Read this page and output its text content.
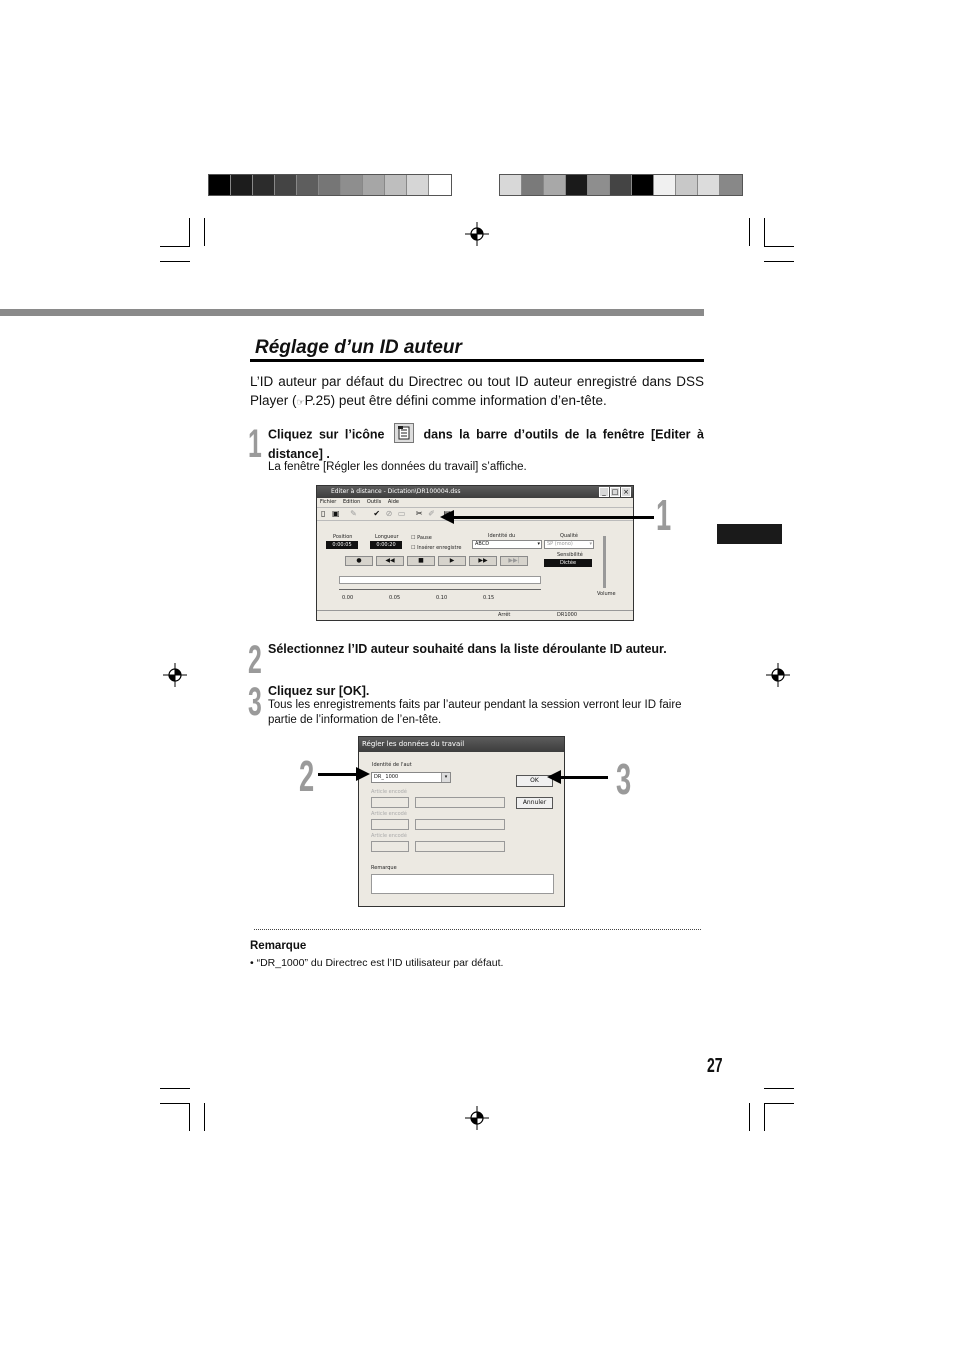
Réglage d’un ID auteur
L’ID auteur par défaut du Directrec ou tout ID auteur enregistré dans DSS Player (☞P.25) peut être défini comme information d’en-tête.
1 Cliquez sur l’icône	dans la barre d’outils de la fenêtre [Editer à distance] .
La fenêtre [Régler les données du travail] s’affiche.
Editer à distance - Dictation\DR100004.dss	_ □ ×
Fichier Edition Outils Aide
▯ ▣ ✎ ✔ ⊘ ▭ ✂ ✐ ▤
Position
0:00:05
Longueur
0:00:20
☐ Pause
☐ Insérer enregistre
Identité du
ABCD	▾
Qualité
SP (mono)	▾
Sensibilité
Dictée
Volume
●	◀◀	■	▶	▶▶	▶▶|
0.00	0.05	0.10	0.15
Arrêt	DR1000
1
2 Sélectionnez l’ID auteur souhaité dans la liste déroulante ID auteur.
3 Cliquez sur [OK].
Tous les enregistrements faits par l’auteur pendant la session verront leur ID faire partie de l’information de l’en-tête.
Régler les données du travail
Identité de l'aut
DR_ 1000	▾	OK
Annuler
Article encodé
Article encodé
Article encodé
Remarque
2	3
Remarque
• “DR_1000” du Directrec est l’ID utilisateur par défaut.
27
